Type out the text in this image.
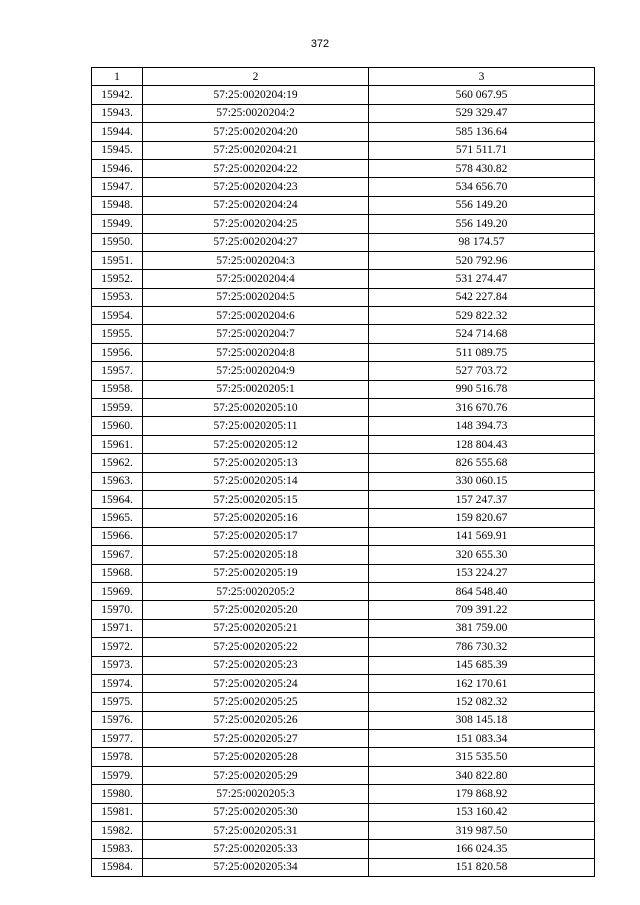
372
1	2	3
15942.	57:25:0020204:19	560 067.95
15943.	57:25:0020204:2	529 329.47
15944.	57:25:0020204:20	585 136.64
15945.	57:25:0020204:21	571 511.71
15946.	57:25:0020204:22	578 430.82
15947.	57:25:0020204:23	534 656.70
15948.	57:25:0020204:24	556 149.20
15949.	57:25:0020204:25	556 149.20
15950.	57:25:0020204:27	98 174.57
15951.	57:25:0020204:3	520 792.96
15952.	57:25:0020204:4	531 274.47
15953.	57:25:0020204:5	542 227.84
15954.	57:25:0020204:6	529 822.32
15955.	57:25:0020204:7	524 714.68
15956.	57:25:0020204:8	511 089.75
15957.	57:25:0020204:9	527 703.72
15958.	57:25:0020205:1	990 516.78
15959.	57:25:0020205:10	316 670.76
15960.	57:25:0020205:11	148 394.73
15961.	57:25:0020205:12	128 804.43
15962.	57:25:0020205:13	826 555.68
15963.	57:25:0020205:14	330 060.15
15964.	57:25:0020205:15	157 247.37
15965.	57:25:0020205:16	159 820.67
15966.	57:25:0020205:17	141 569.91
15967.	57:25:0020205:18	320 655.30
15968.	57:25:0020205:19	153 224.27
15969.	57:25:0020205:2	864 548.40
15970.	57:25:0020205:20	709 391.22
15971.	57:25:0020205:21	381 759.00
15972.	57:25:0020205:22	786 730.32
15973.	57:25:0020205:23	145 685.39
15974.	57:25:0020205:24	162 170.61
15975.	57:25:0020205:25	152 082.32
15976.	57:25:0020205:26	308 145.18
15977.	57:25:0020205:27	151 083.34
15978.	57:25:0020205:28	315 535.50
15979.	57:25:0020205:29	340 822.80
15980.	57:25:0020205:3	179 868.92
15981.	57:25:0020205:30	153 160.42
15982.	57:25:0020205:31	319 987.50
15983.	57:25:0020205:33	166 024.35
15984.	57:25:0020205:34	151 820.58
